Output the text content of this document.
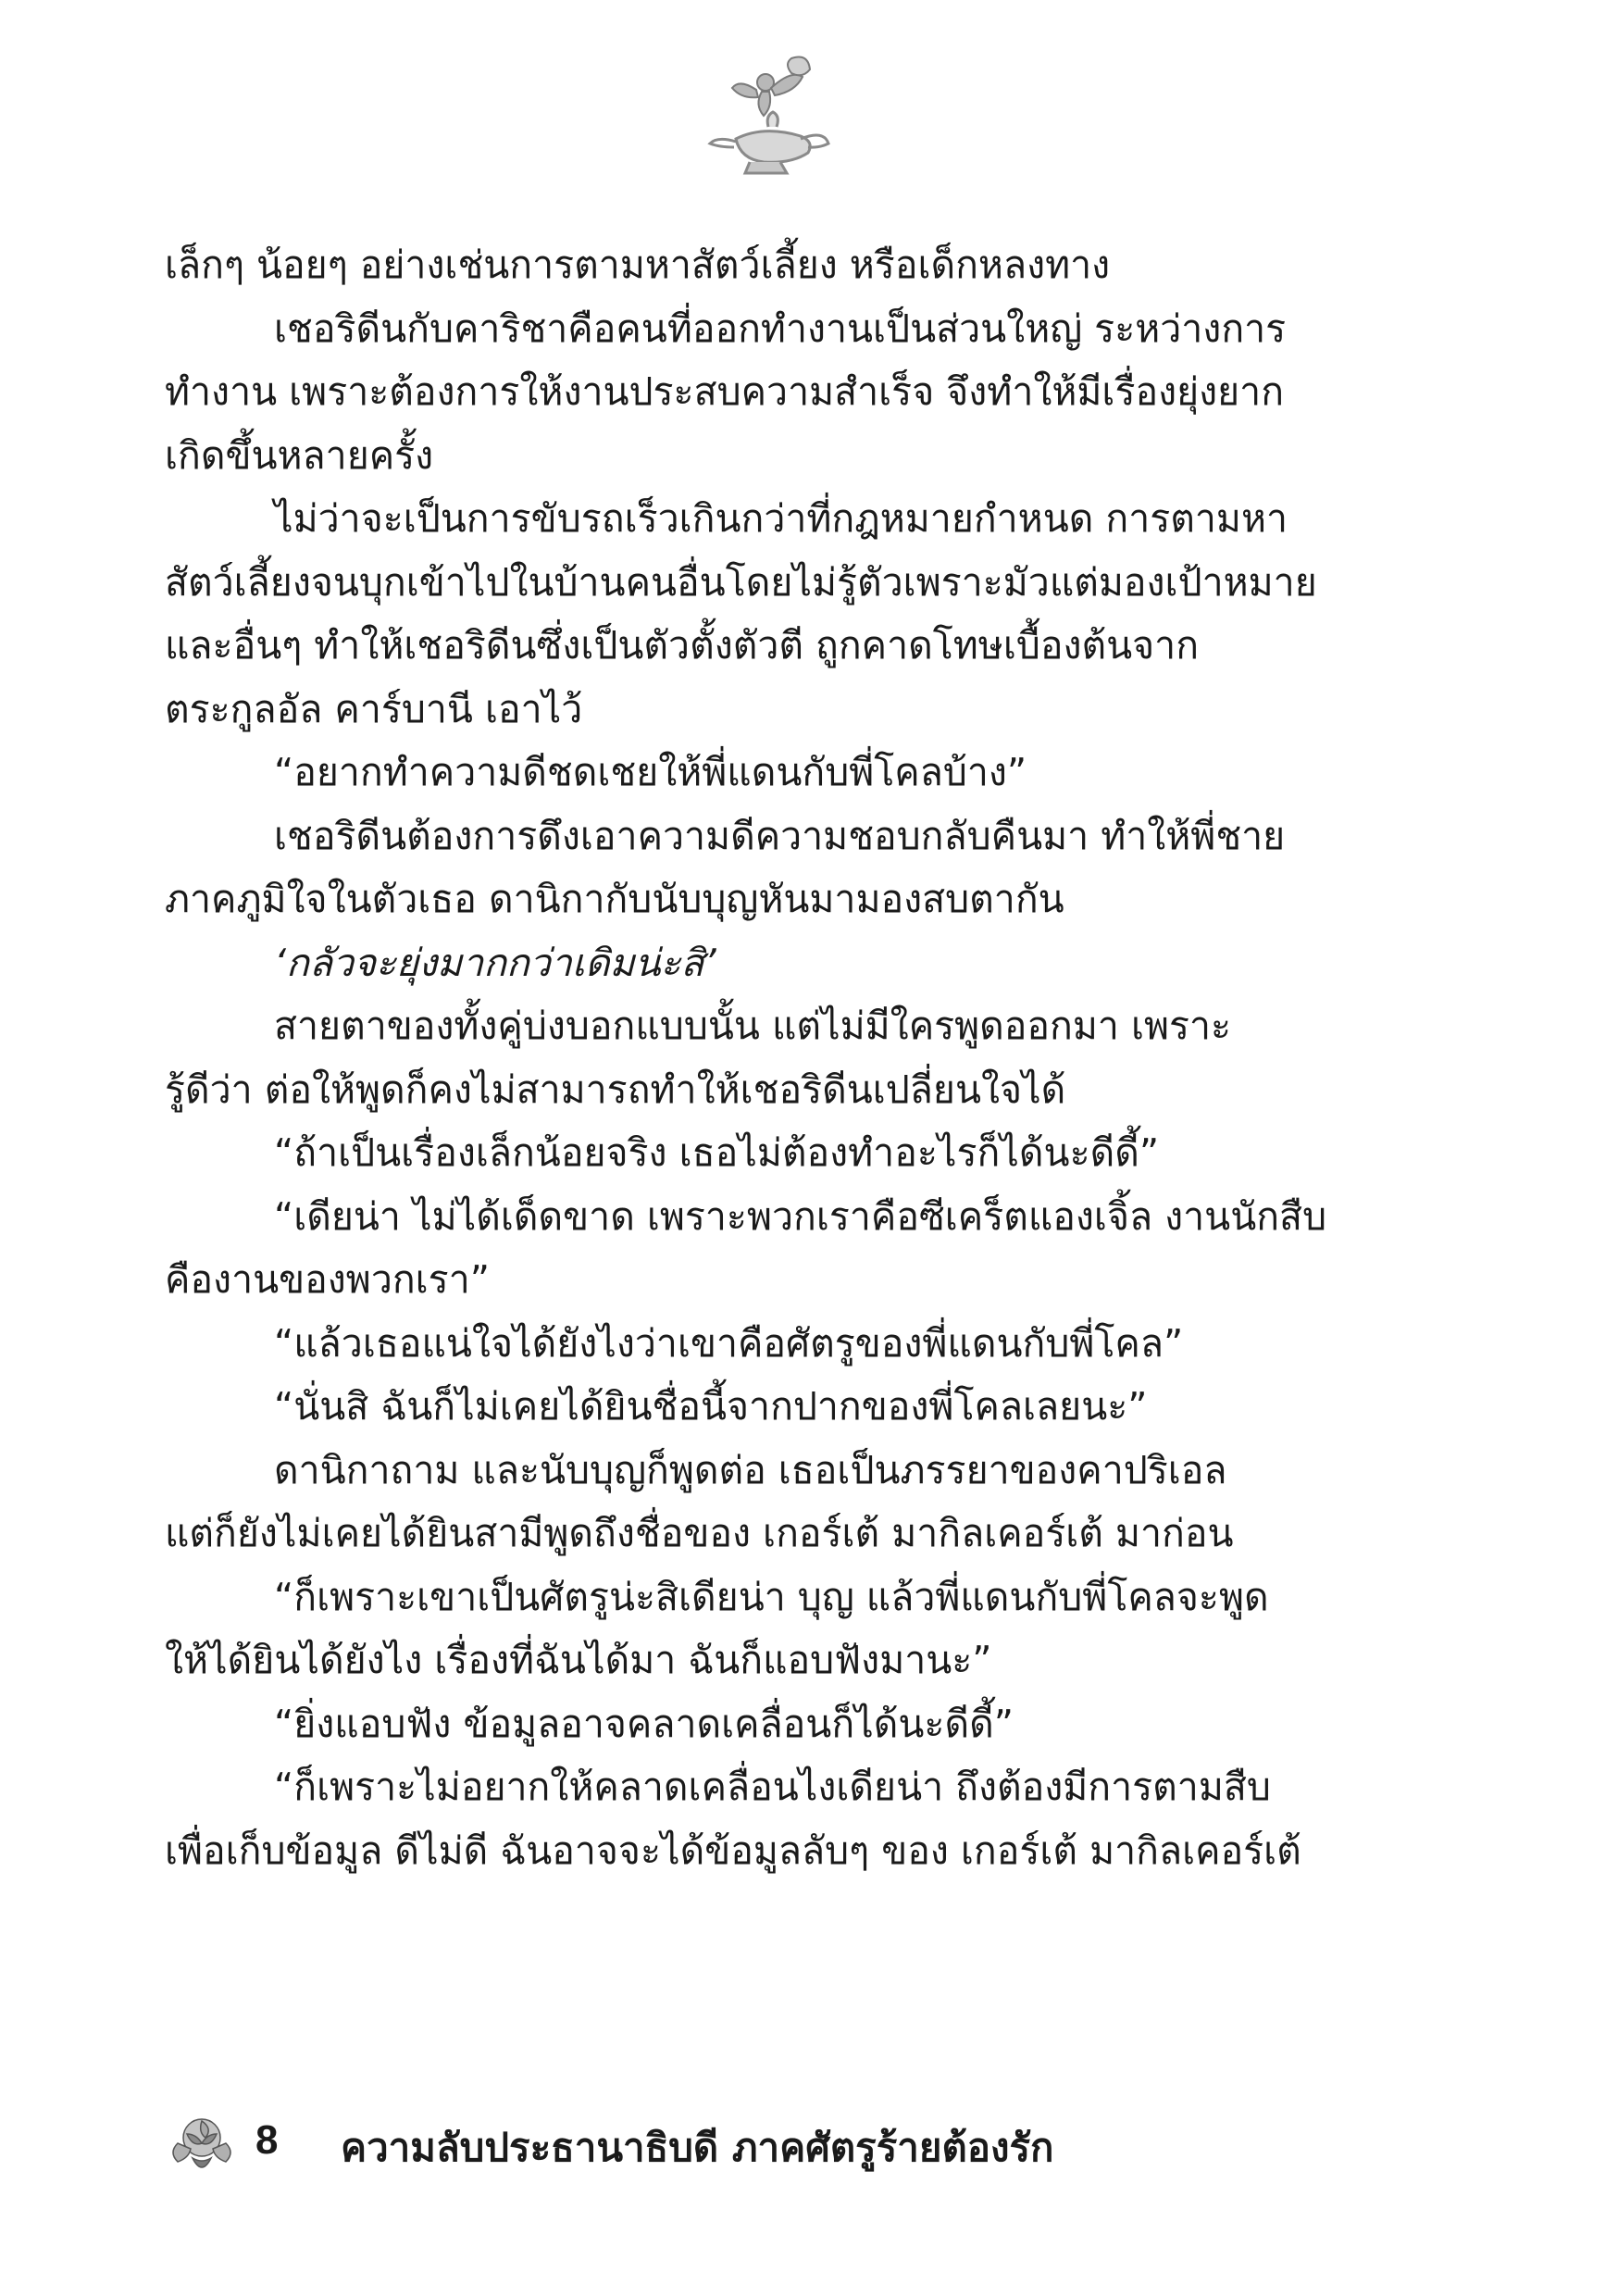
เล็กๆ น้อยๆ อย่างเช่นการตามหาสัตว์เลี้ยง หรือเด็กหลงทาง
เชอริดีนกับคาริชาคือคนที่ออกทำงานเป็นส่วนใหญ่ ระหว่างการ
ทำงาน เพราะต้องการให้งานประสบความสำเร็จ จึงทำให้มีเรื่องยุ่งยาก
เกิดขึ้นหลายครั้ง
ไม่ว่าจะเป็นการขับรถเร็วเกินกว่าที่กฎหมายกำหนด การตามหา
สัตว์เลี้ยงจนบุกเข้าไปในบ้านคนอื่นโดยไม่รู้ตัวเพราะมัวแต่มองเป้าหมาย
และอื่นๆ ทำให้เชอริดีนซึ่งเป็นตัวตั้งตัวตี ถูกคาดโทษเบื้องต้นจาก
ตระกูลอัล คาร์บานี เอาไว้
“อยากทำความดีชดเชยให้พี่แดนกับพี่โคลบ้าง”
เชอริดีนต้องการดึงเอาความดีความชอบกลับคืนมา ทำให้พี่ชาย
ภาคภูมิใจในตัวเธอ ดานิกากับนับบุญหันมามองสบตากัน
‘กลัวจะยุ่งมากกว่าเดิมน่ะสิ’
สายตาของทั้งคู่บ่งบอกแบบนั้น แต่ไม่มีใครพูดออกมา เพราะ
รู้ดีว่า ต่อให้พูดก็คงไม่สามารถทำให้เชอริดีนเปลี่ยนใจได้
“ถ้าเป็นเรื่องเล็กน้อยจริง เธอไม่ต้องทำอะไรก็ได้นะดีดี้”
“เดียน่า ไม่ได้เด็ดขาด เพราะพวกเราคือซีเคร็ตแองเจิ้ล งานนักสืบ
คืองานของพวกเรา”
“แล้วเธอแน่ใจได้ยังไงว่าเขาคือศัตรูของพี่แดนกับพี่โคล”
“นั่นสิ ฉันก็ไม่เคยได้ยินชื่อนี้จากปากของพี่โคลเลยนะ”
ดานิกาถาม และนับบุญก็พูดต่อ เธอเป็นภรรยาของคาปริเอล
แต่ก็ยังไม่เคยได้ยินสามีพูดถึงชื่อของ เกอร์เต้ มากิลเคอร์เต้ มาก่อน
“ก็เพราะเขาเป็นศัตรูน่ะสิเดียน่า บุญ แล้วพี่แดนกับพี่โคลจะพูด
ให้ได้ยินได้ยังไง เรื่องที่ฉันได้มา ฉันก็แอบฟังมานะ”
“ยิ่งแอบฟัง ข้อมูลอาจคลาดเคลื่อนก็ได้นะดีดี้”
“ก็เพราะไม่อยากให้คลาดเคลื่อนไงเดียน่า ถึงต้องมีการตามสืบ
เพื่อเก็บข้อมูล ดีไม่ดี ฉันอาจจะได้ข้อมูลลับๆ ของ เกอร์เต้ มากิลเคอร์เต้
8 ความลับประธานาธิบดี ภาคศัตรูร้ายต้องรัก
